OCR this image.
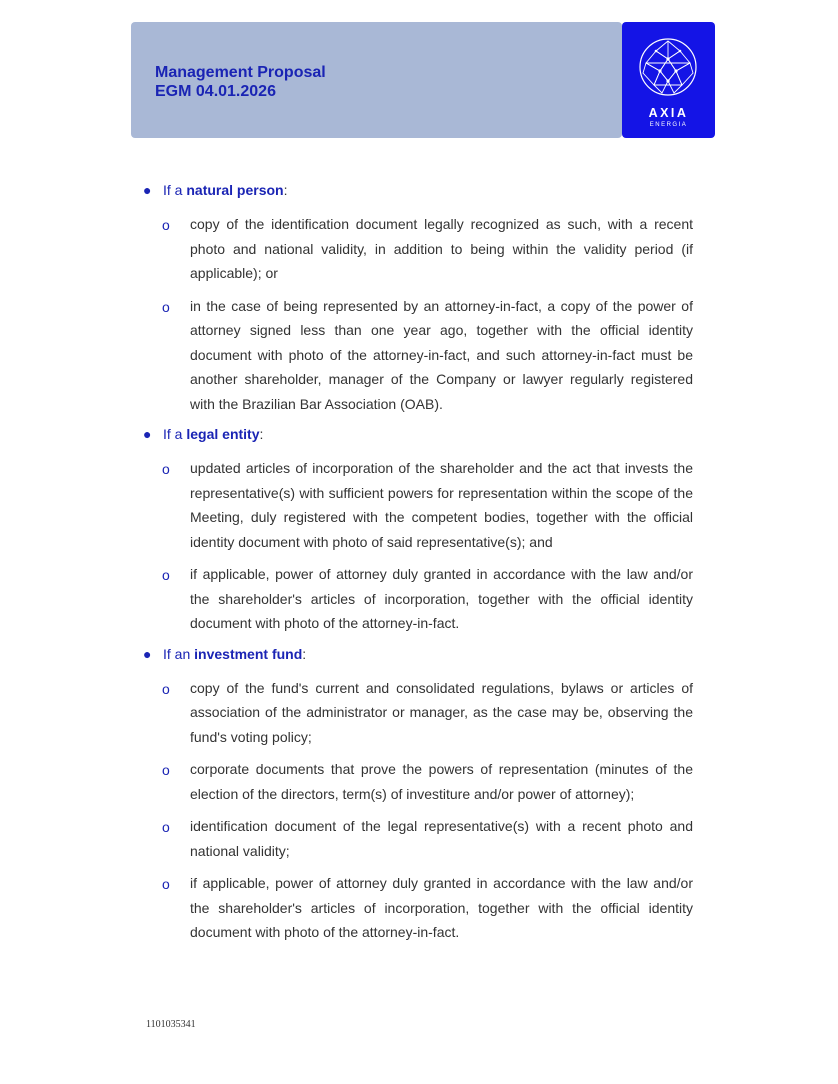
Management Proposal
EGM 04.01.2026
AXIA
ENERGIA
● If a natural person:
o copy of the identification document legally recognized as such, with a recent photo and national validity, in addition to being within the validity period (if applicable); or
o in the case of being represented by an attorney-in-fact, a copy of the power of attorney signed less than one year ago, together with the official identity document with photo of the attorney-in-fact, and such attorney-in-fact must be another shareholder, manager of the Company or lawyer regularly registered with the Brazilian Bar Association (OAB).
● If a legal entity:
o updated articles of incorporation of the shareholder and the act that invests the representative(s) with sufficient powers for representation within the scope of the Meeting, duly registered with the competent bodies, together with the official identity document with photo of said representative(s); and
o if applicable, power of attorney duly granted in accordance with the law and/or the shareholder's articles of incorporation, together with the official identity document with photo of the attorney-in-fact.
● If an investment fund:
o copy of the fund's current and consolidated regulations, bylaws or articles of association of the administrator or manager, as the case may be, observing the fund's voting policy;
o corporate documents that prove the powers of representation (minutes of the election of the directors, term(s) of investiture and/or power of attorney);
o identification document of the legal representative(s) with a recent photo and national validity;
o if applicable, power of attorney duly granted in accordance with the law and/or the shareholder's articles of incorporation, together with the official identity document with photo of the attorney-in-fact.
1101035341
